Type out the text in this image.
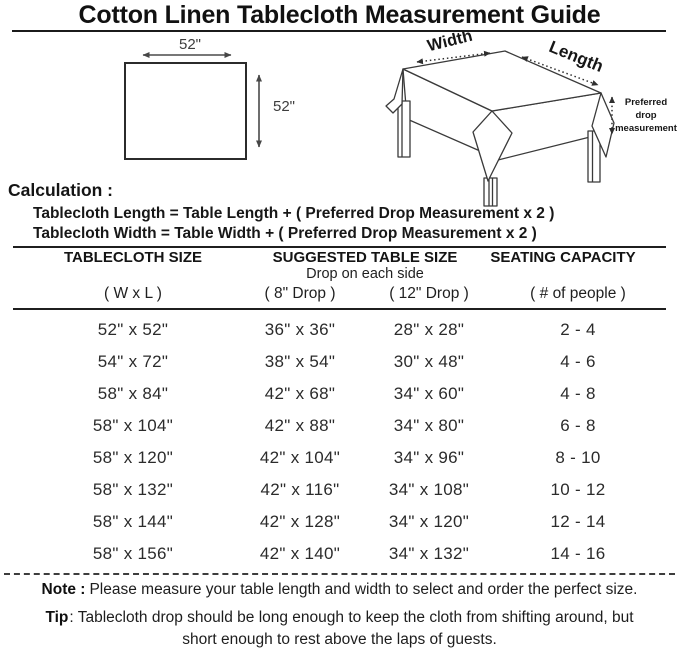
Cotton Linen Tablecloth Measurement Guide
52"
52"
Width	Length
Preferred
drop
measurement
Calculation :
Tablecloth Length = Table Length + ( Preferred Drop Measurement x 2 )
Tablecloth Width = Table Width + ( Preferred Drop Measurement x 2 )
TABLECLOTH SIZE	SUGGESTED TABLE SIZE	SEATING CAPACITY
Drop on each side
( W x L )	( 8" Drop )	( 12" Drop )	( # of people )
52" x 52"	36" x 36"	28" x 28"	2 - 4
54" x 72"	38" x 54"	30" x 48"	4 - 6
58" x 84"	42" x 68"	34" x 60"	4 - 8
58" x 104"	42" x 88"	34" x 80"	6 - 8
58" x 120"	42" x 104"	34" x 96"	8 - 10
58" x 132"	42" x 116"	34" x 108"	10 - 12
58" x 144"	42" x 128"	34" x 120"	12 - 14
58" x 156"	42" x 140"	34" x 132"	14 - 16
Note : Please measure your table length and width to select and order the perfect size.
Tip: Tablecloth drop should be long enough to keep the cloth from shifting around, but
short enough to rest above the laps of guests.
